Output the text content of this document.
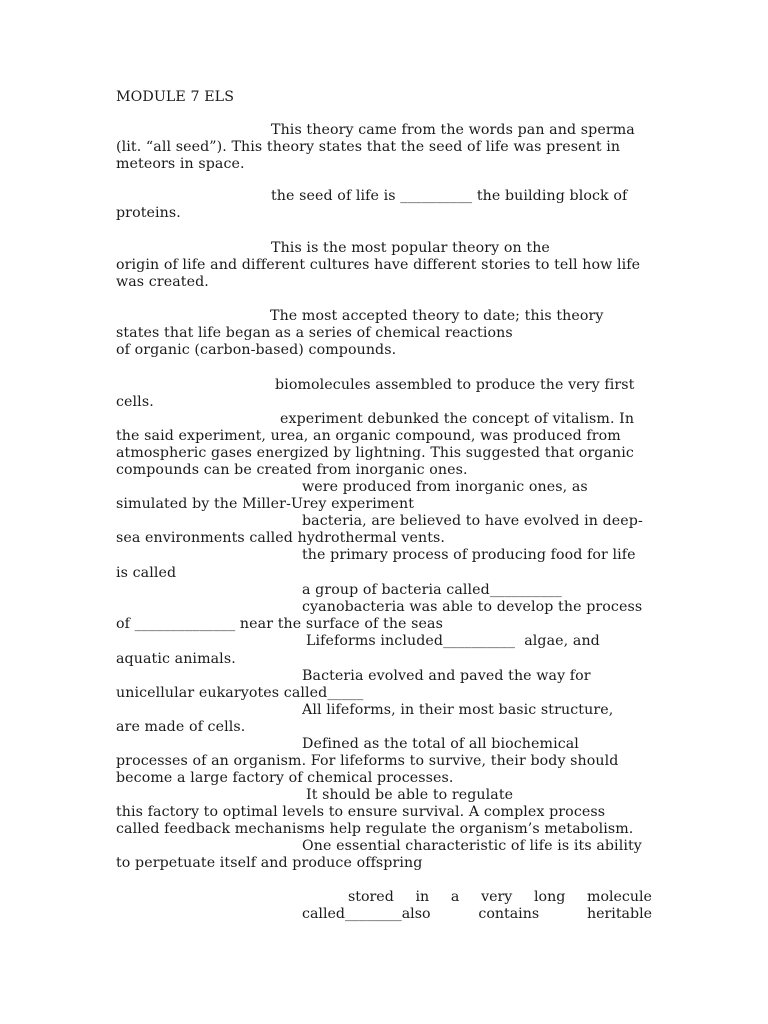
MODULE 7 ELS
This theory came from the words pan and sperma
(lit. “all seed”). This theory states that the seed of life was present in
meteors in space.
the seed of life is __________ the building block of
proteins.
This is the most popular theory on the
origin of life and different cultures have different stories to tell how life
was created.
The most accepted theory to date; this theory
states that life began as a series of chemical reactions
of organic (carbon-based) compounds.
biomolecules assembled to produce the very first
cells.
experiment debunked the concept of vitalism. In
the said experiment, urea, an organic compound, was produced from
atmospheric gases energized by lightning. This suggested that organic
compounds can be created from inorganic ones.
were produced from inorganic ones, as
simulated by the Miller-Urey experiment
bacteria, are believed to have evolved in deep-
sea environments called hydrothermal vents.
the primary process of producing food for life
is called
a group of bacteria called__________
cyanobacteria was able to develop the process
of ______________ near the surface of the seas
Lifeforms included__________  algae, and
aquatic animals.
Bacteria evolved and paved the way for
unicellular eukaryotes called_____
All lifeforms, in their most basic structure,
are made of cells.
Defined as the total of all biochemical
processes of an organism. For lifeforms to survive, their body should
become a large factory of chemical processes.
It should be able to regulate
this factory to optimal levels to ensure survival. A complex process
called feedback mechanisms help regulate the organism’s metabolism.
One essential characteristic of life is its ability
to perpetuate itself and produce offspring
stored in a very long molecule
called________also	contains	heritable
